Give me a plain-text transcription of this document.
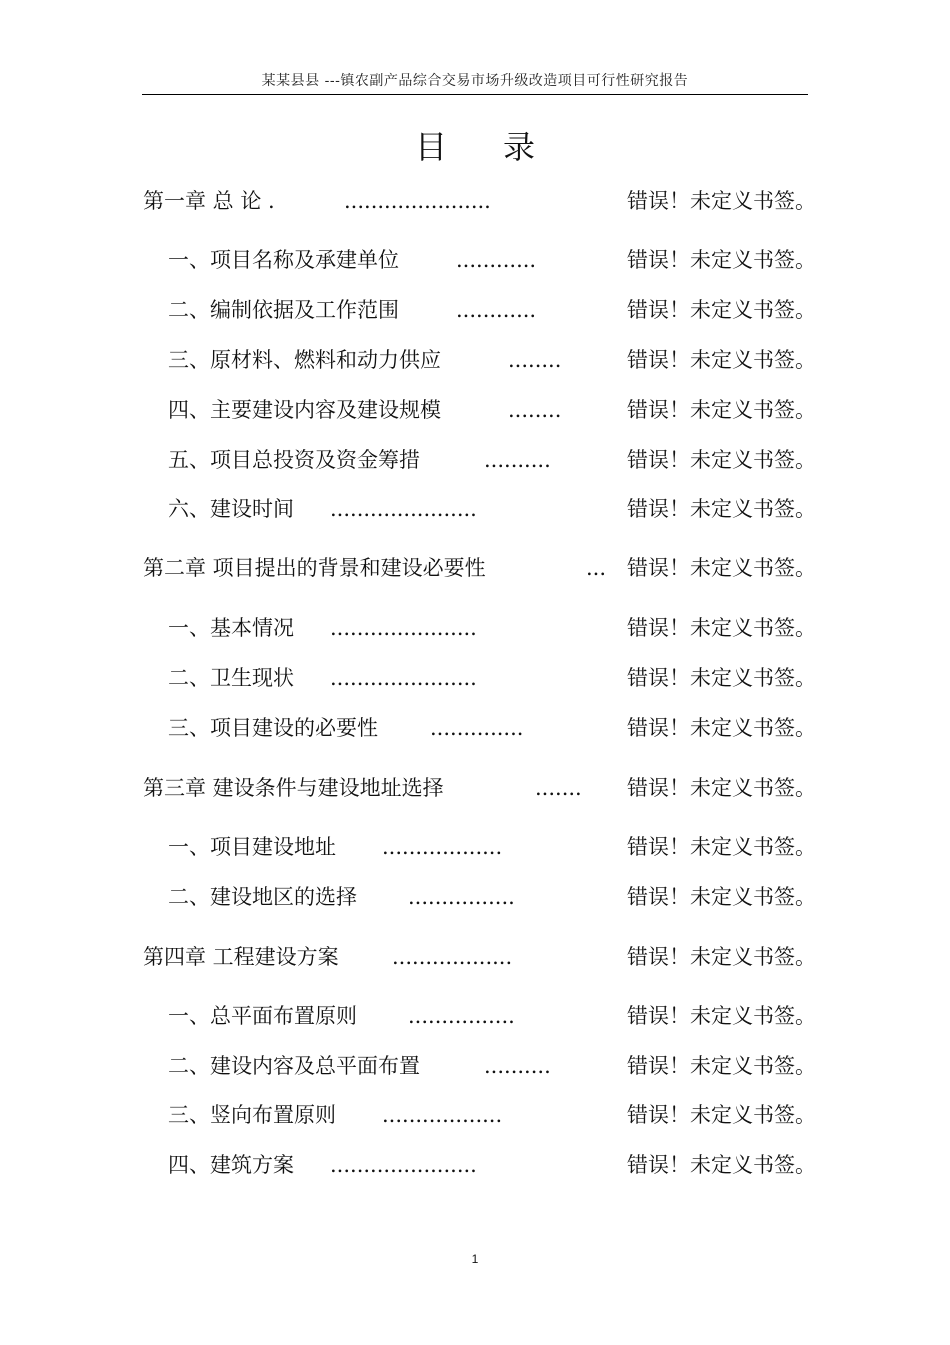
某某县县 ---镇农副产品综合交易市场升级改造项目可行性研究报告
目录
第一章 总 论 .	......................	错误！未定义书签。
一、项目名称及承建单位	............	错误！未定义书签。
二、编制依据及工作范围	............	错误！未定义书签。
三、原材料、燃料和动力供应	........	错误！未定义书签。
四、主要建设内容及建设规模	........	错误！未定义书签。
五、项目总投资及资金筹措	..........	错误！未定义书签。
六、建设时间 ......................	错误！未定义书签。
第二章 项目提出的背景和建设必要性	... 错误！未定义书签。
一、基本情况 ......................	错误！未定义书签。
二、卫生现状 ......................	错误！未定义书签。
三、项目建设的必要性 ..............	错误！未定义书签。
第三章 建设条件与建设地址选择	....... 错误！未定义书签。
一、项目建设地址 ..................	错误！未定义书签。
二、建设地区的选择 ................	错误！未定义书签。
第四章 工程建设方案	..................	错误！未定义书签。
一、总平面布置原则 ................	错误！未定义书签。
二、建设内容及总平面布置	..........	错误！未定义书签。
三、竖向布置原则 ..................	错误！未定义书签。
四、建筑方案 ......................	错误！未定义书签。
1
